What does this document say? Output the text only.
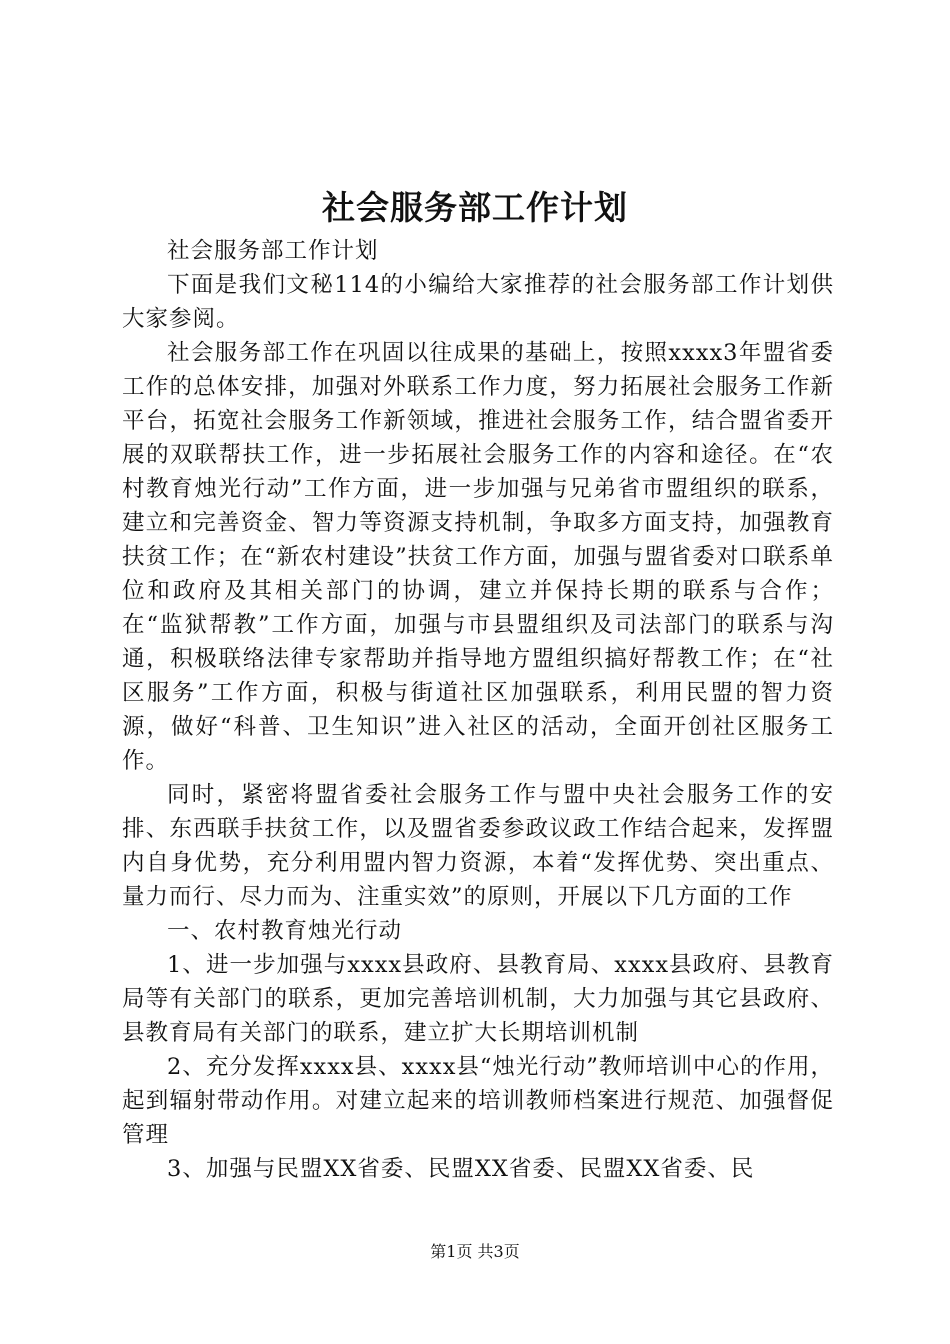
社会服务部工作计划

社会服务部工作计划

下面是我们文秘114的小编给大家推荐的社会服务部工作计划供大家参阅。

社会服务部工作在巩固以往成果的基础上，按照xxxx3年盟省委工作的总体安排，加强对外联系工作力度，努力拓展社会服务工作新平台，拓宽社会服务工作新领域，推进社会服务工作，结合盟省委开展的双联帮扶工作，进一步拓展社会服务工作的内容和途径。在“农村教育烛光行动”工作方面，进一步加强与兄弟省市盟组织的联系，建立和完善资金、智力等资源支持机制，争取多方面支持，加强教育扶贫工作；在“新农村建设”扶贫工作方面，加强与盟省委对口联系单位和政府及其相关部门的协调，建立并保持长期的联系与合作；在“监狱帮教”工作方面，加强与市县盟组织及司法部门的联系与沟通，积极联络法律专家帮助并指导地方盟组织搞好帮教工作；在“社区服务”工作方面，积极与街道社区加强联系，利用民盟的智力资源，做好“科普、卫生知识”进入社区的活动，全面开创社区服务工作。

同时，紧密将盟省委社会服务工作与盟中央社会服务工作的安排、东西联手扶贫工作，以及盟省委参政议政工作结合起来，发挥盟内自身优势，充分利用盟内智力资源，本着“发挥优势、突出重点、量力而行、尽力而为、注重实效”的原则，开展以下几方面的工作

一、农村教育烛光行动

1、进一步加强与xxxx县政府、县教育局、xxxx县政府、县教育局等有关部门的联系，更加完善培训机制，大力加强与其它县政府、县教育局有关部门的联系，建立扩大长期培训机制

2、充分发挥xxxx县、xxxx县“烛光行动”教师培训中心的作用，起到辐射带动作用。对建立起来的培训教师档案进行规范、加强督促管理

3、加强与民盟XX省委、民盟XX省委、民盟XX省委、民

第1页 共3页
